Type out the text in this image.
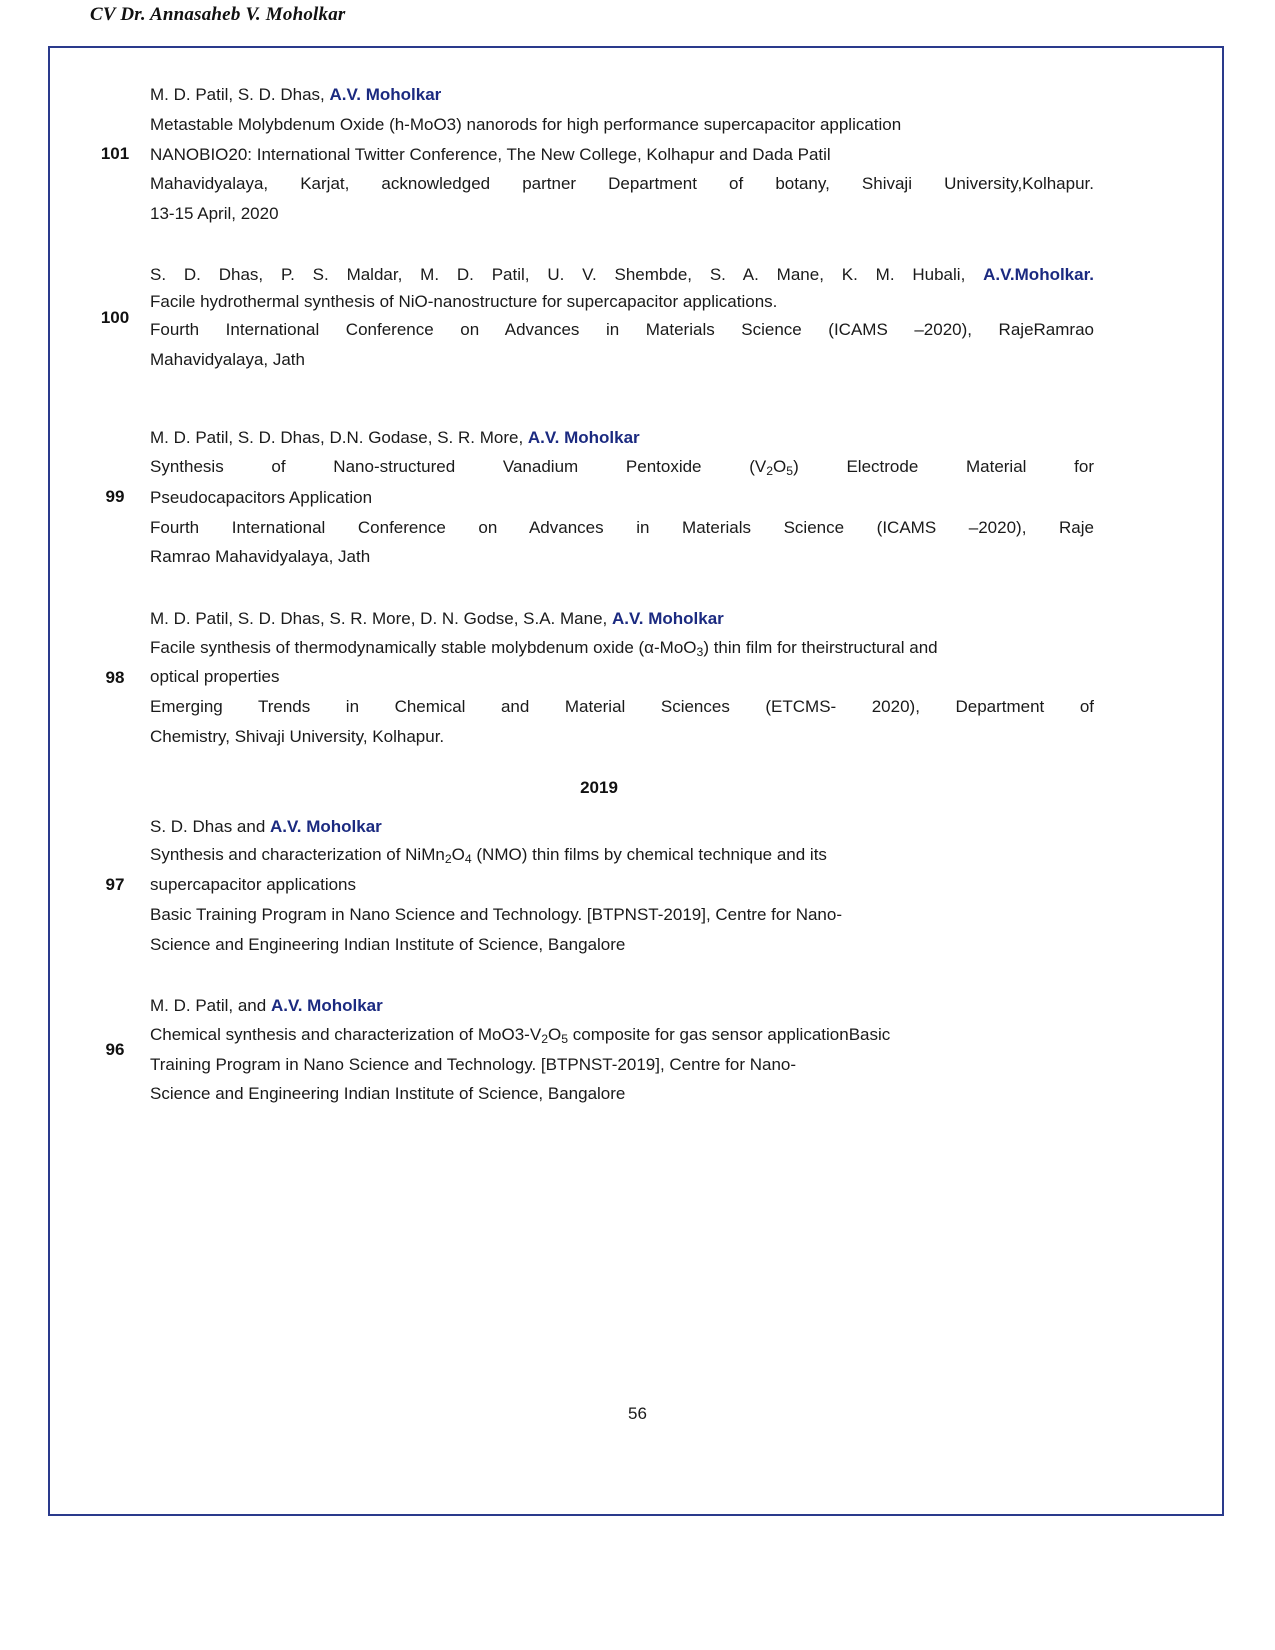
CV Dr. Annasaheb V. Moholkar
101
M. D. Patil, S. D. Dhas, A.V. Moholkar
Metastable Molybdenum Oxide (h-MoO3) nanorods for high performance supercapacitor application
NANOBIO20: International Twitter Conference, The New College, Kolhapur and Dada Patil
Mahavidyalaya, Karjat, acknowledged partner Department of botany, Shivaji University,Kolhapur.
13-15 April, 2020
100
S. D. Dhas, P. S. Maldar, M. D. Patil, U. V. Shembde, S. A. Mane, K. M. Hubali, A.V.Moholkar.
Facile hydrothermal synthesis of NiO-nanostructure for supercapacitor applications.
Fourth International Conference on Advances in Materials Science (ICAMS –2020), RajeRamrao
Mahavidyalaya, Jath
99
M. D. Patil, S. D. Dhas, D.N. Godase, S. R. More, A.V. Moholkar
Synthesis of Nano-structured Vanadium Pentoxide $(V_2O_5)$ Electrode Material for
Pseudocapacitors Application
Fourth International Conference on Advances in Materials Science (ICAMS –2020), Raje
Ramrao Mahavidyalaya, Jath
98
M. D. Patil, S. D. Dhas, S. R. More, D. N. Godse, S.A. Mane, A.V. Moholkar
Facile synthesis of thermodynamically stable molybdenum oxide (α-MoO$_3$) thin film for theirstructural and
optical properties
Emerging Trends in Chemical and Material Sciences (ETCMS- 2020), Department of
Chemistry, Shivaji University, Kolhapur.
2019
97
S. D. Dhas and A.V. Moholkar
Synthesis and characterization of $NiMn_2O_4$ (NMO) thin films by chemical technique and its
supercapacitor applications
Basic Training Program in Nano Science and Technology. [BTPNST-2019], Centre for Nano-
Science and Engineering Indian Institute of Science, Bangalore
96
M. D. Patil, and A.V. Moholkar
Chemical synthesis and characterization of $MoO3-V_2O_5$ composite for gas sensor applicationBasic
Training Program in Nano Science and Technology. [BTPNST-2019], Centre for Nano-
Science and Engineering Indian Institute of Science, Bangalore
56
